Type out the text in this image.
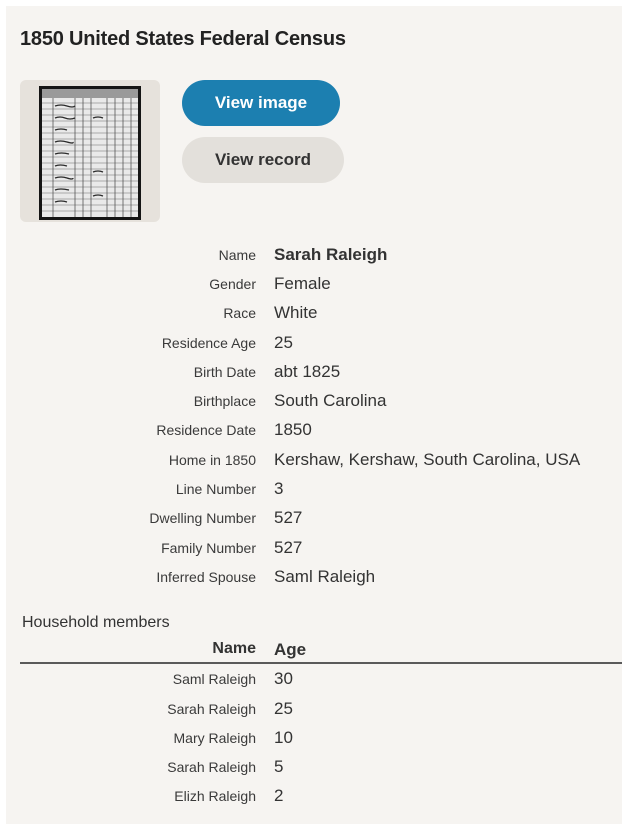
1850 United States Federal Census
View image
View record
Name Sarah Raleigh
Gender Female
Race White
Residence Age 25
Birth Date abt 1825
Birthplace South Carolina
Residence Date 1850
Home in 1850 Kershaw, Kershaw, South Carolina, USA
Line Number 3
Dwelling Number 527
Family Number 527
Inferred Spouse Saml Raleigh
Household members
Name Age
Saml Raleigh 30
Sarah Raleigh 25
Mary Raleigh 10
Sarah Raleigh 5
Elizh Raleigh 2
